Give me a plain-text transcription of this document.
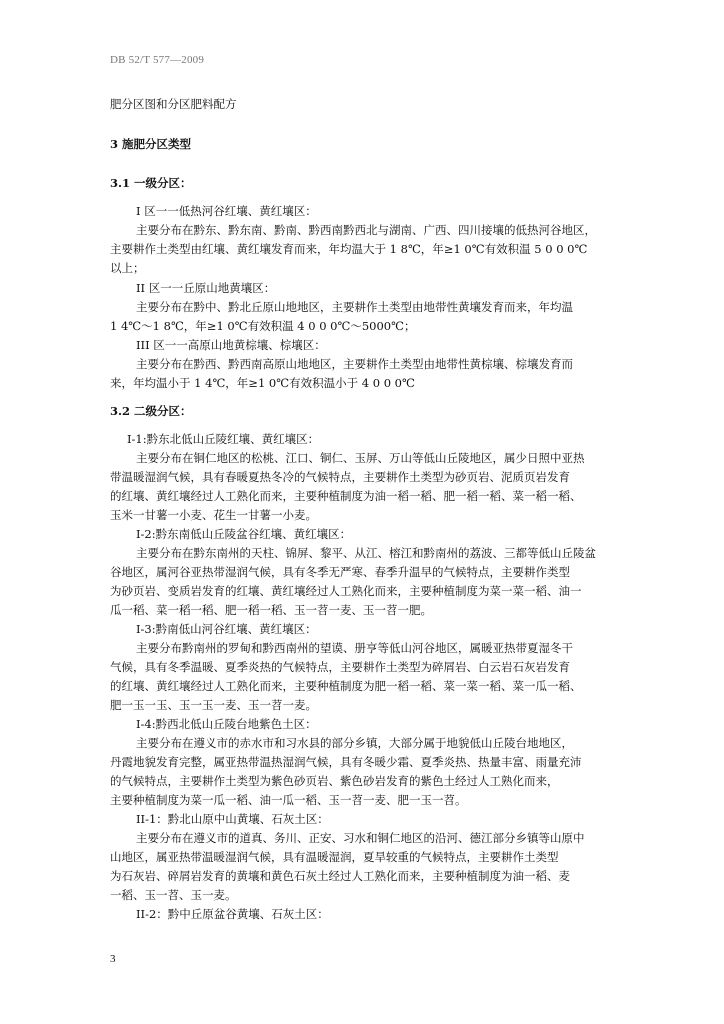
DB 52/T 577—2009
肥分区图和分区肥料配方
3 施肥分区类型
3.1 一级分区：
I 区一一低热河谷红壤、黄红壤区：
主要分布在黔东、黔东南、黔南、黔西南黔西北与湖南、广西、四川接壤的低热河谷地区，
主要耕作土类型由红壤、黄红壤发育而来，年均温大于 1 8℃，年≥1 0℃有效积温 5 0 0 0℃
以上；
II 区一一丘原山地黄壤区：
主要分布在黔中、黔北丘原山地地区，主要耕作土类型由地带性黄壤发育而来，年均温
1 4℃～1 8℃，年≥1 0℃有效积温 4 0 0 0℃～5000℃；
III 区一一高原山地黄棕壤、棕壤区：
主要分布在黔西、黔西南高原山地地区，主要耕作土类型由地带性黄棕壤、棕壤发育而
来，年均温小于 1 4℃，年≥1 0℃有效积温小于 4 0 0 0℃
3.2 二级分区：
I-1:黔东北低山丘陵红壤、黄红壤区：
主要分布在铜仁地区的松桃、江口、铜仁、玉屏、万山等低山丘陵地区，属少日照中亚热
带温暖湿润气候，具有春暖夏热冬冷的气候特点，主要耕作土类型为砂页岩、泥质页岩发育
的红壤、黄红壤经过人工熟化而来，主要种植制度为油一稻一稻、肥一稻一稻、菜一稻一稻、
玉米一甘薯一小麦、花生一甘薯一小麦。
I-2:黔东南低山丘陵盆谷红壤、黄红壤区：
主要分布在黔东南州的天柱、锦屏、黎平、从江、榕江和黔南州的荔波、三都等低山丘陵盆
谷地区，属河谷亚热带湿润气候，具有冬季无严寒、春季升温早的气候特点，主要耕作类型
为砂页岩、变质岩发育的红壤、黄红壤经过人工熟化而来，主要种植制度为菜一菜一稻、油一
瓜一稻、菜一稻一稻、肥一稻一稻、玉一苕一麦、玉一苕一肥。
I-3:黔南低山河谷红壤、黄红壤区：
主要分布黔南州的罗甸和黔西南州的望谟、册亨等低山河谷地区，属暖亚热带夏湿冬干
气候，具有冬季温暖、夏季炎热的气候特点，主要耕作土类型为碎屑岩、白云岩石灰岩发育
的红壤、黄红壤经过人工熟化而来，主要种植制度为肥一稻一稻、菜一菜一稻、菜一瓜一稻、
肥一玉一玉、玉一玉一麦、玉一苕一麦。
I-4:黔西北低山丘陵台地紫色土区：
主要分布在遵义市的赤水市和习水县的部分乡镇，大部分属于地貌低山丘陵台地地区，
丹霞地貌发育完整，属亚热带温热湿润气候，具有冬暖少霜、夏季炎热、热量丰富、雨量充沛
的气候特点，主要耕作土类型为紫色砂页岩、紫色砂岩发育的紫色土经过人工熟化而来，
主要种植制度为菜一瓜一稻、油一瓜一稻、玉一苕一麦、肥一玉一苕。
II-1：黔北山原中山黄壤、石灰土区：
主要分布在遵义市的道真、务川、正安、习水和铜仁地区的沿河、德江部分乡镇等山原中
山地区，属亚热带温暖湿润气候，具有温暖湿润，夏旱较重的气候特点，主要耕作土类型
为石灰岩、碎屑岩发育的黄壤和黄色石灰土经过人工熟化而来，主要种植制度为油一稻、麦
一稻、玉一苕、玉一麦。
II-2：黔中丘原盆谷黄壤、石灰土区：
3
